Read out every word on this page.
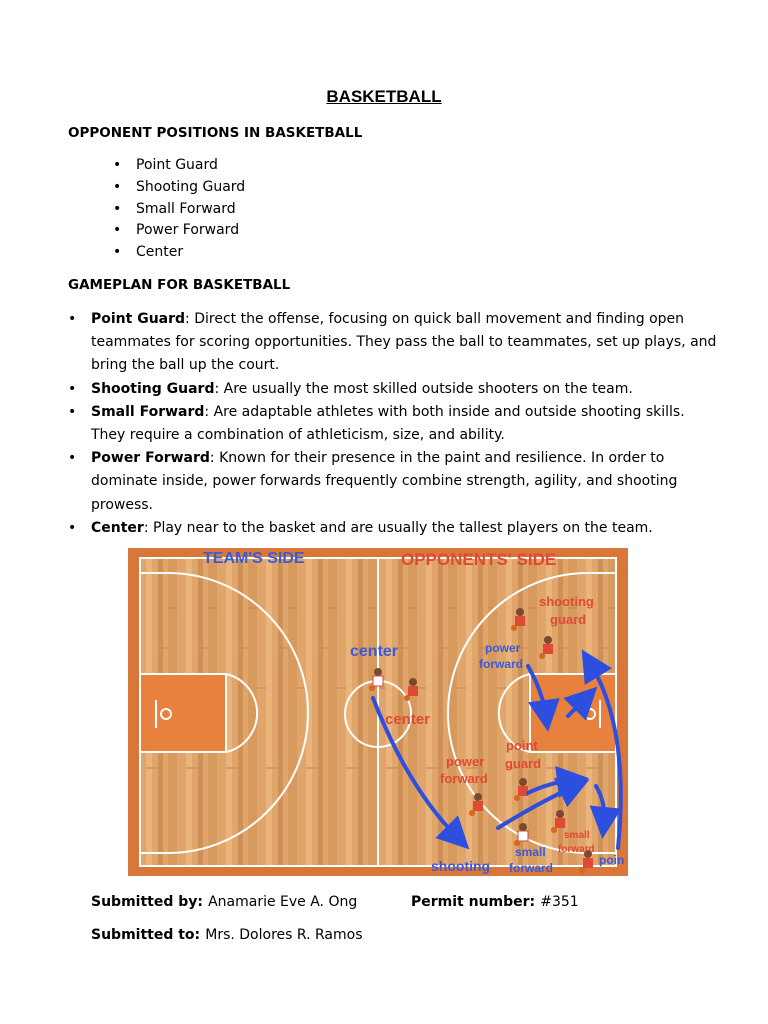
BASKETBALL
OPPONENT POSITIONS IN BASKETBALL
• Point Guard
• Shooting Guard
• Small Forward
• Power Forward
• Center
GAMEPLAN FOR BASKETBALL
• Point Guard: Direct the offense, focusing on quick ball movement and finding open teammates for scoring opportunities. They pass the ball to teammates, set up plays, and bring the ball up the court.
• Shooting Guard: Are usually the most skilled outside shooters on the team.
• Small Forward: Are adaptable athletes with both inside and outside shooting skills. They require a combination of athleticism, size, and ability.
• Power Forward: Known for their presence in the paint and resilience. In order to dominate inside, power forwards frequently combine strength, agility, and shooting prowess.
• Center: Play near to the basket and are usually the tallest players on the team.
TEAM'S SIDE	OPPONENTS' SIDE
center
center
shooting
guard
power
forward
power
forward
point
guard
small
forward
small
forward
shooting	poin
Submitted by: Anamarie Eve A. Ong	Permit number: #351
Submitted to: Mrs. Dolores R. Ramos
